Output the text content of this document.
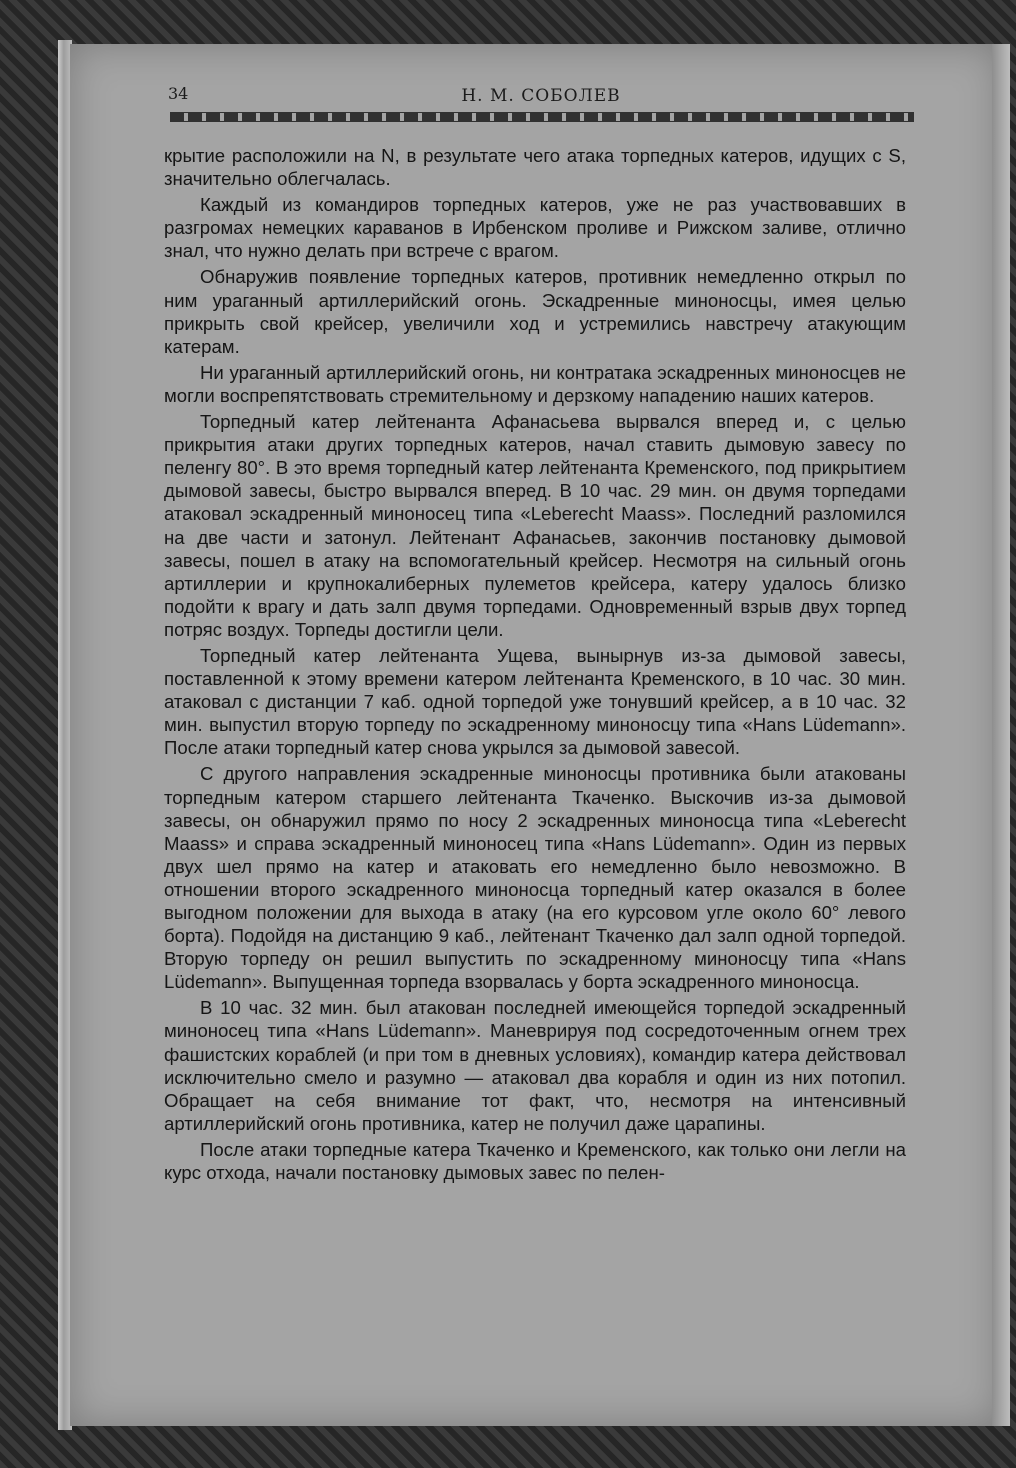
34	Н. М. СОБОЛЕВ

крытие расположили на N, в результате чего атака торпедных катеров, идущих с S, значительно облегчалась.

Каждый из командиров торпедных катеров, уже не раз участвовавших в разгромах немецких караванов в Ирбенском проливе и Рижском заливе, отлично знал, что нужно делать при встрече с врагом.

Обнаружив появление торпедных катеров, противник немедленно открыл по ним ураганный артиллерийский огонь. Эскадренные миноносцы, имея целью прикрыть свой крейсер, увеличили ход и устремились навстречу атакующим катерам.

Ни ураганный артиллерийский огонь, ни контратака эскадренных миноносцев не могли воспрепятствовать стремительному и дерзкому нападению наших катеров.

Торпедный катер лейтенанта Афанасьева вырвался вперед и, с целью прикрытия атаки других торпедных катеров, начал ставить дымовую завесу по пеленгу 80°. В это время торпедный катер лейтенанта Кременского, под прикрытием дымовой завесы, быстро вырвался вперед. В 10 час. 29 мин. он двумя торпедами атаковал эскадренный миноносец типа «Leberecht Maass». Последний разломился на две части и затонул. Лейтенант Афанасьев, закончив постановку дымовой завесы, пошел в атаку на вспомогательный крейсер. Несмотря на сильный огонь артиллерии и крупнокалиберных пулеметов крейсера, катеру удалось близко подойти к врагу и дать залп двумя торпедами. Одновременный взрыв двух торпед потряс воздух. Торпеды достигли цели.

Торпедный катер лейтенанта Ущева, вынырнув из-за дымовой завесы, поставленной к этому времени катером лейтенанта Кременского, в 10 час. 30 мин. атаковал с дистанции 7 каб. одной торпедой уже тонувший крейсер, а в 10 час. 32 мин. выпустил вторую торпеду по эскадренному миноносцу типа «Hans Lüdemann». После атаки торпедный катер снова укрылся за дымовой завесой.

С другого направления эскадренные миноносцы противника были атакованы торпедным катером старшего лейтенанта Ткаченко. Выскочив из-за дымовой завесы, он обнаружил прямо по носу 2 эскадренных миноносца типа «Leberecht Maass» и справа эскадренный миноносец типа «Hans Lüdemann». Один из первых двух шел прямо на катер и атаковать его немедленно было невозможно. В отношении второго эскадренного миноносца торпедный катер оказался в более выгодном положении для выхода в атаку (на его курсовом угле около 60° левого борта). Подойдя на дистанцию 9 каб., лейтенант Ткаченко дал залп одной торпедой. Вторую торпеду он решил выпустить по эскадренному миноносцу типа «Hans Lüdemann». Выпущенная торпеда взорвалась у борта эскадренного миноносца.

В 10 час. 32 мин. был атакован последней имеющейся торпедой эскадренный миноносец типа «Hans Lüdemann». Маневрируя под сосредоточенным огнем трех фашистских кораблей (и при том в дневных условиях), командир катера действовал исключительно смело и разумно — атаковал два корабля и один из них потопил. Обращает на себя внимание тот факт, что, несмотря на интенсивный артиллерийский огонь противника, катер не получил даже царапины.

После атаки торпедные катера Ткаченко и Кременского, как только они легли на курс отхода, начали постановку дымовых завес по пелен-
